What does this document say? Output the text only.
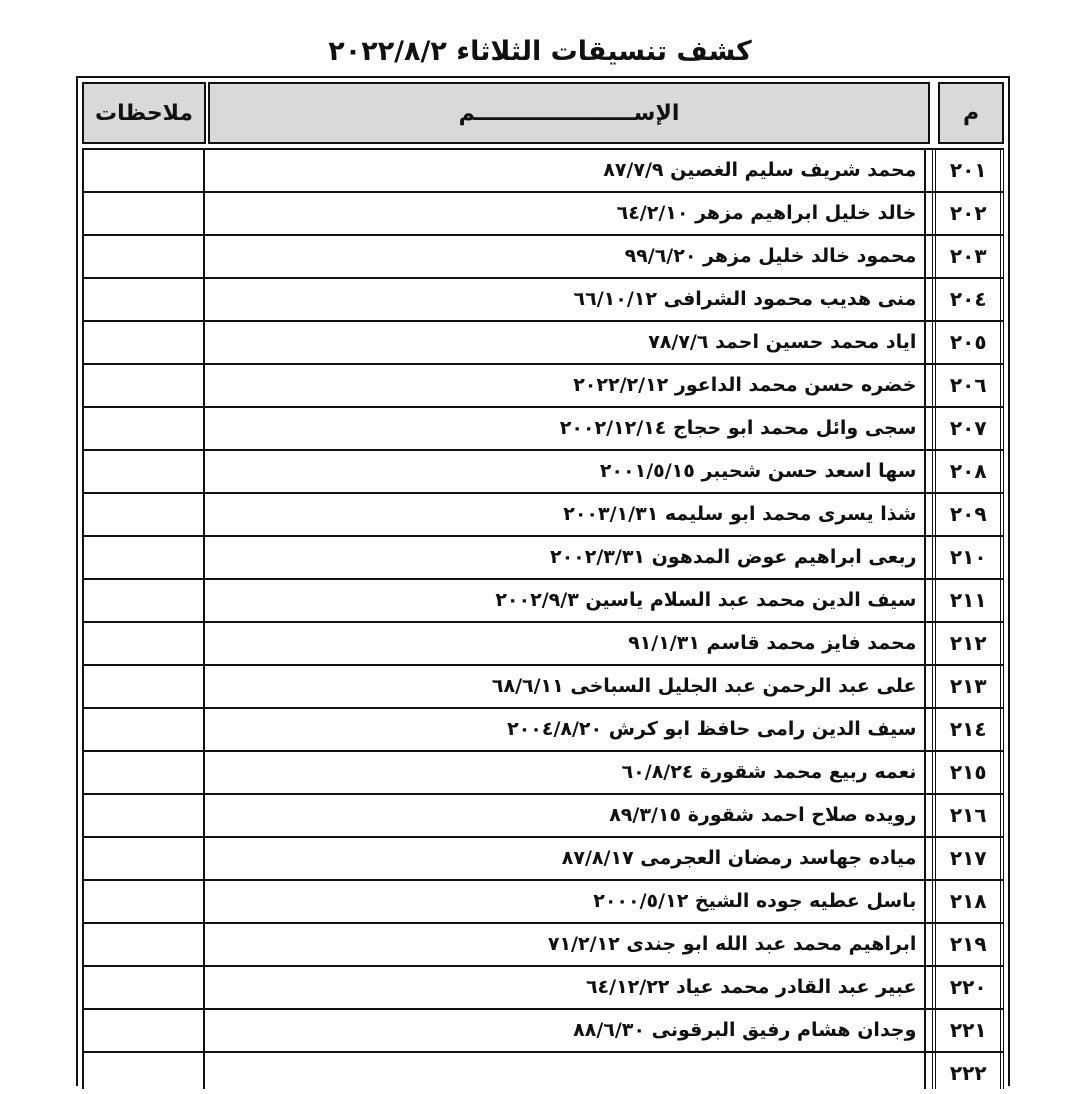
كشف تنسيقات الثلاثاء ٢٠٢٢/٨/٢
ملاحظات	الإســـــــــــــــــــــم	م
محمد شريف سليم الغصين ٨٧/٧/٩	٢٠١
خالد خليل ابراهيم مزهر ٦٤/٢/١٠	٢٠٢
محمود خالد خليل مزهر ٩٩/٦/٢٠	٢٠٣
منى هديب محمود الشرافى ٦٦/١٠/١٢	٢٠٤
اياد محمد حسين احمد ٧٨/٧/٦	٢٠٥
خضره حسن محمد الداعور ٢٠٢٢/٢/١٢	٢٠٦
سجى وائل محمد ابو حجاج ٢٠٠٢/١٢/١٤	٢٠٧
سها اسعد حسن شحيبر ٢٠٠١/٥/١٥	٢٠٨
شذا يسرى محمد ابو سليمه ٢٠٠٣/١/٣١	٢٠٩
ربعى ابراهيم عوض المدهون ٢٠٠٢/٣/٣١	٢١٠
سيف الدين محمد عبد السلام ياسين ٢٠٠٢/٩/٣	٢١١
محمد فايز محمد قاسم ٩١/١/٣١	٢١٢
على عبد الرحمن عبد الجليل السباخى ٦٨/٦/١١	٢١٣
سيف الدين رامى حافظ ابو كرش ٢٠٠٤/٨/٢٠	٢١٤
نعمه ربيع محمد شقورة ٦٠/٨/٢٤	٢١٥
رويده صلاح احمد شقورة ٨٩/٣/١٥	٢١٦
مياده جهاسد رمضان العجرمى ٨٧/٨/١٧	٢١٧
باسل عطيه جوده الشيخ ٢٠٠٠/٥/١٢	٢١٨
ابراهيم محمد عبد الله ابو جندى ٧١/٢/١٢	٢١٩
عبير عبد القادر محمد عياد ٦٤/١٢/٢٢	٢٢٠
وجدان هشام رفيق البرقونى ٨٨/٦/٣٠	٢٢١
٢٢٢
